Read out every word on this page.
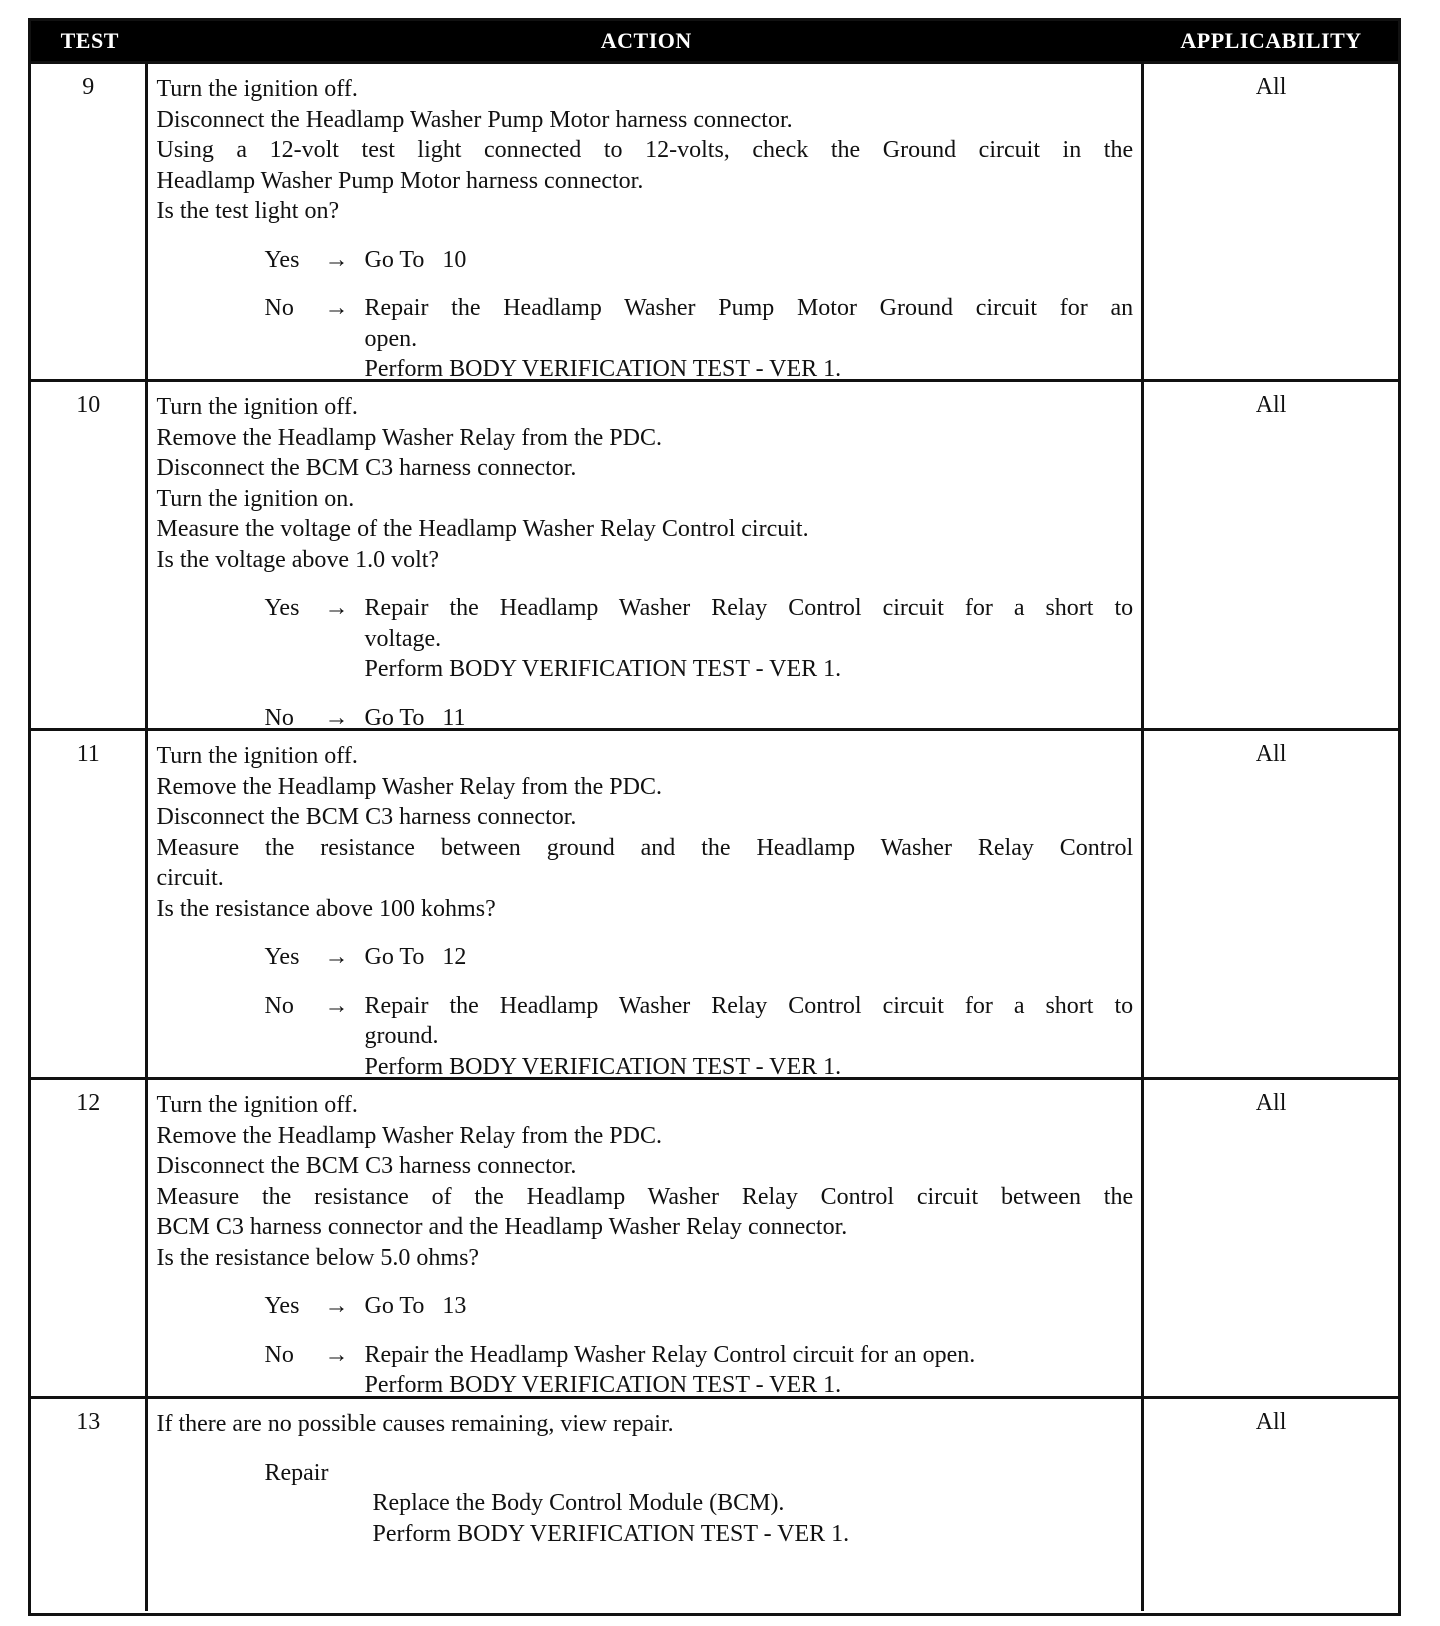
TEST	ACTION	APPLICABILITY
9	Turn the ignition off.
Disconnect the Headlamp Washer Pump Motor harness connector.
Using a 12-volt test light connected to 12-volts, check the Ground circuit in the
Headlamp Washer Pump Motor harness connector.
Is the test light on?
Yes	→ Go To   10
No	→ Repair the Headlamp Washer Pump Motor Ground circuit for an
open.
Perform BODY VERIFICATION TEST - VER 1.
All
10	Turn the ignition off.
Remove the Headlamp Washer Relay from the PDC.
Disconnect the BCM C3 harness connector.
Turn the ignition on.
Measure the voltage of the Headlamp Washer Relay Control circuit.
Is the voltage above 1.0 volt?
Yes	→ Repair the Headlamp Washer Relay Control circuit for a short to
voltage.
Perform BODY VERIFICATION TEST - VER 1.
No	→ Go To   11
All
11	Turn the ignition off.
Remove the Headlamp Washer Relay from the PDC.
Disconnect the BCM C3 harness connector.
Measure the resistance between ground and the Headlamp Washer Relay Control
circuit.
Is the resistance above 100 kohms?
Yes	→ Go To   12
No	→ Repair the Headlamp Washer Relay Control circuit for a short to
ground.
Perform BODY VERIFICATION TEST - VER 1.
All
12	Turn the ignition off.
Remove the Headlamp Washer Relay from the PDC.
Disconnect the BCM C3 harness connector.
Measure the resistance of the Headlamp Washer Relay Control circuit between the
BCM C3 harness connector and the Headlamp Washer Relay connector.
Is the resistance below 5.0 ohms?
Yes	→ Go To   13
No	→ Repair the Headlamp Washer Relay Control circuit for an open.
Perform BODY VERIFICATION TEST - VER 1.
All
13	If there are no possible causes remaining, view repair.
Repair
Replace the Body Control Module (BCM).
Perform BODY VERIFICATION TEST - VER 1.
All
